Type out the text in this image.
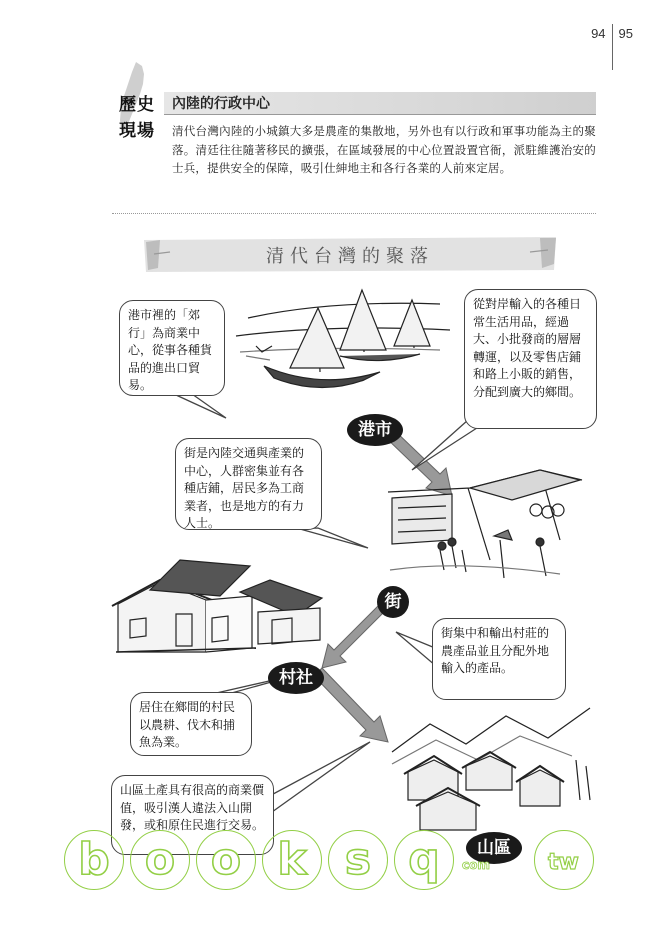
94 95
歷史
現場
內陸的行政中心
清代台灣內陸的小城鎮大多是農產的集散地，另外也有以行政和軍事功能為主的聚落。清廷往往隨著移民的擴張，在區域發展的中心位置設置官衙，派駐維護治安的士兵，提供安全的保障，吸引仕紳地主和各行各業的人前來定居。
清代台灣的聚落
港市裡的「郊行」為商業中心，從事各種貨品的進出口貿易。
從對岸輸入的各種日常生活用品，經過大、小批發商的層層轉運，以及零售店鋪和路上小販的銷售，分配到廣大的鄉間。
街是內陸交通與產業的中心，人群密集並有各種店鋪，居民多為工商業者，也是地方的有力人士。
街集中和輸出村莊的農產品並且分配外地輸入的產品。
居住在鄉間的村民以農耕、伐木和捕魚為業。
山區土產具有很高的商業價值，吸引漢人違法入山開發，或和原住民進行交易。
港市
街
村社
山區
b o o k s q	com	tw
